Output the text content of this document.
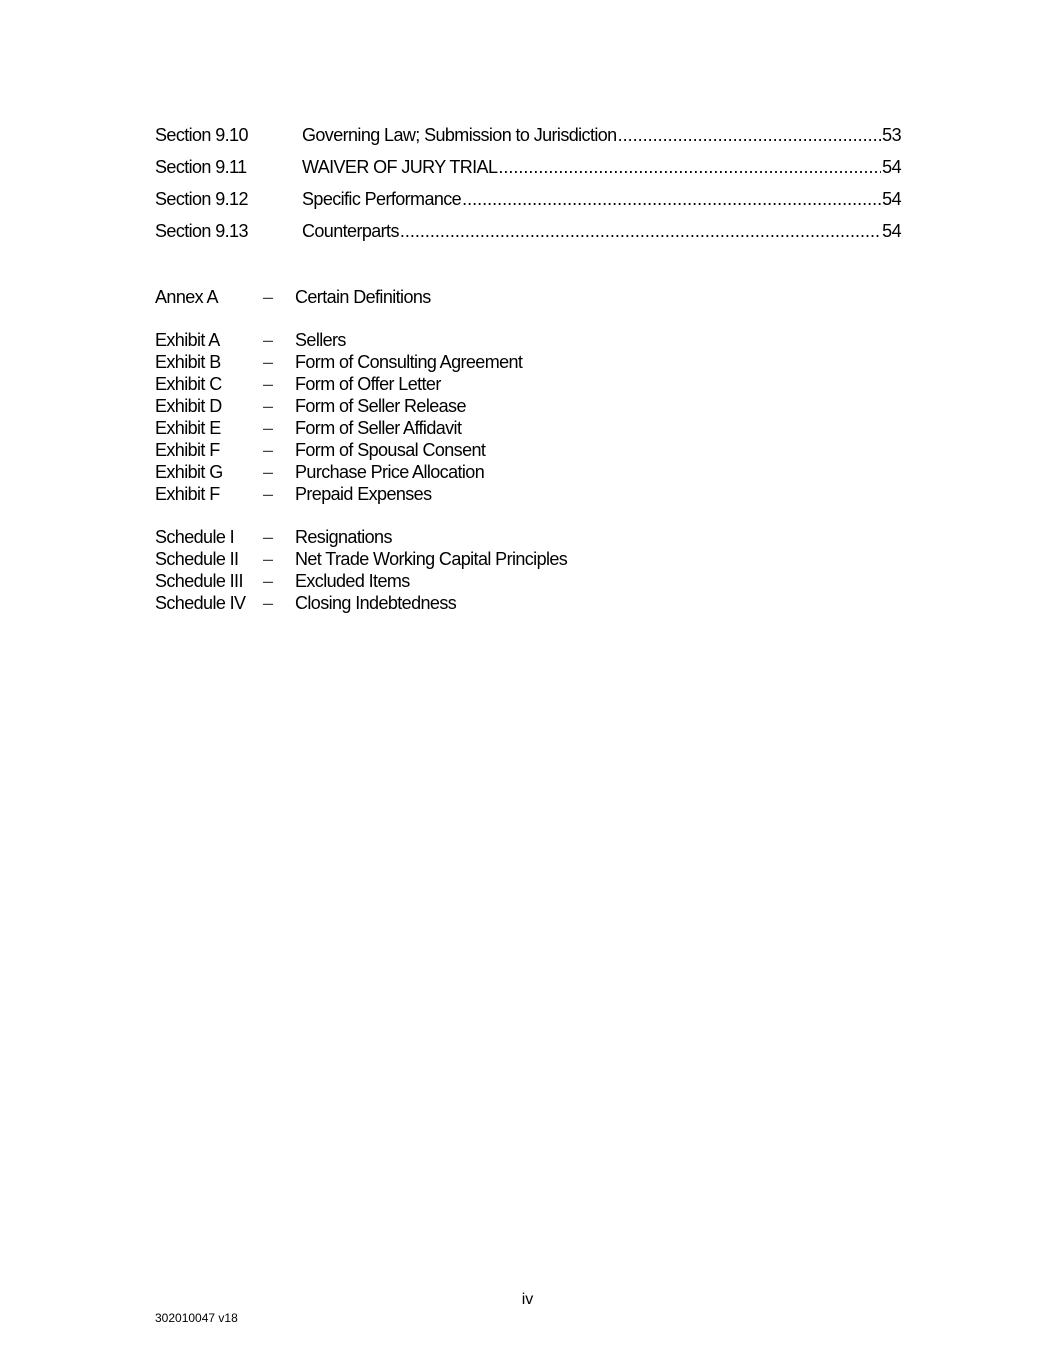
Section 9.10	Governing Law; Submission to Jurisdiction .....	53
Section 9.11	WAIVER OF JURY TRIAL .....	54
Section 9.12	Specific Performance .....	54
Section 9.13	Counterparts .....	54
Annex A	– Certain Definitions
Exhibit A – Sellers
Exhibit B – Form of Consulting Agreement
Exhibit C – Form of Offer Letter
Exhibit D – Form of Seller Release
Exhibit E – Form of Seller Affidavit
Exhibit F – Form of Spousal Consent
Exhibit G – Purchase Price Allocation
Exhibit F – Prepaid Expenses
Schedule I – Resignations
Schedule II – Net Trade Working Capital Principles
Schedule III – Excluded Items
Schedule IV – Closing Indebtedness
iv
302010047 v18
